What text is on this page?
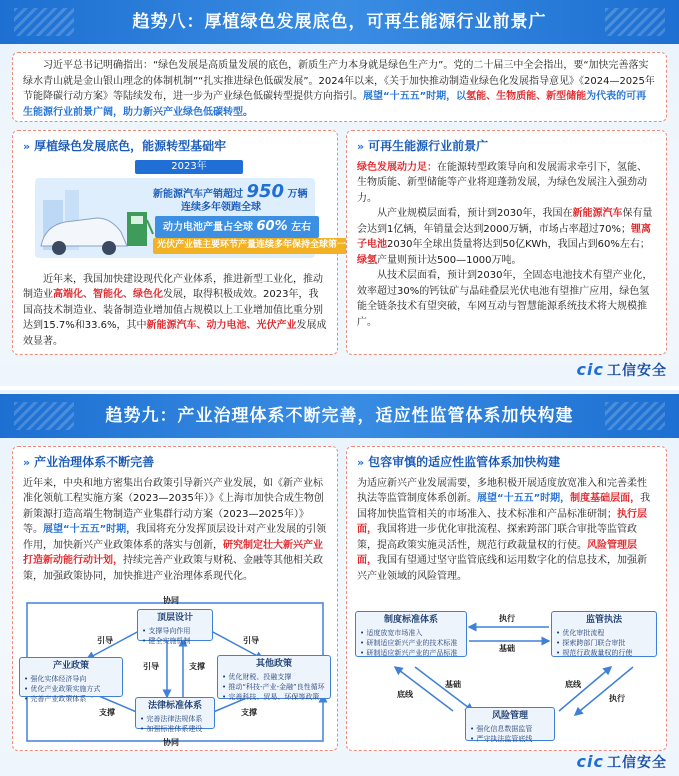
趋势八：厚植绿色发展底色，可再生能源行业前景广

习近平总书记明确指出：“绿色发展是高质量发展的底色，新质生产力本身就是绿色生产力”。党的二十届三中全会指出，要“加快完善落实绿水青山就是金山银山理念的体制机制”“扎实推进绿色低碳发展”。2024年以来，《关于加快推动制造业绿色化发展指导意见》《2024—2025年节能降碳行动方案》等陆续发布，进一步为产业绿色低碳转型提供方向指引。展望“十五五”时期，以氢能、生物质能、新型储能为代表的可再生能源行业前景广阔，助力新兴产业绿色低碳转型。

» 厚植绿色发展底色，能源转型基础牢
2023年
新能源汽车产销超过 950 万辆
连续多年领跑全球
动力电池产量占全球 60% 左右
光伏产业链主要环节产量连续多年保持全球第一

近年来，我国加快建设现代化产业体系，推进新型工业化，推动制造业高端化、智能化、绿色化发展，取得积极成效。2023年，我国高技术制造业、装备制造业增加值占规模以上工业增加值比重分别达到15.7%和33.6%，其中新能源汽车、动力电池、光伏产业发展成效显著。

» 可再生能源行业前景广

绿色发展动力足：在能源转型政策导向和发展需求牵引下，氢能、生物质能、新型储能等产业将迎蓬勃发展，为绿色发展注入强劲动力。

从产业规模层面看，预计到2030年，我国在新能源汽车保有量会达到1亿辆，年销量会达到2000万辆，市场占率超过70%；锂离子电池2030年全球出货量将达到50亿KWh，我国占到60%左右；绿氢产量则预计达500—1000万吨。

从技术层面看，预计到2030年，全固态电池技术有望产业化，效率超过30%的钙钛矿与晶硅叠层光伏电池有望推广应用，绿色氢能全链条技术有望突破，车网互动与智慧能源系统技术将大规模推广。

cic 工信安全
趋势九：产业治理体系不断完善，适应性监管体系加快构建
» 产业治理体系不断完善

近年来，中央和地方密集出台政策引导新兴产业发展，如《新产业标准化领航工程实施方案（2023—2035年）》《上海市加快合成生物创新策源打造高端生物制造产业集群行动方案（2023—2025年）》等。展望“十五五”时期，我国将充分发挥顶层设计对产业发展的引领作用，加快新兴产业政策体系的落实与创新，研究制定壮大新兴产业打造新动能行动计划，持续完善产业政策与财税、金融等其他相关政策，加强政策协同，加快推进产业治理体系现代化。

协同
协同
引导	引导
引导	支撑
支撑	支撑
顶层设计
• 支撑导向作用
• 健全实施机制
产业政策
• 强化实体经济导向
• 优化产业政策实施方式
• 完善产业政策体系
其他政策
• 优化财税、投融支撑
• 推动“科技-产业-金融”良性循环
• 完善科技、贸易、环保等政策
法律标准体系
• 完善法律法规体系
• 加强标准体系建设
» 包容审慎的适应性监管体系加快构建

为适应新兴产业发展需要，多地积极开展适度放宽准入和完善柔性执法等监管制度体系创新。展望“十五五”时期，制度基础层面，我国将加快监管相关的市场准入、技术标准和产品标准研制；执行层面，我国将进一步优化审批流程、探索跨部门联合审批等监管政策，提高政策实施灵活性，规范行政裁量权的行使。风险管理层面，我国有望通过坚守监管底线和运用数字化的信息技术，加强新兴产业领域的风险管理。

执行
基础
底线
基础	底线
执行
制度标准体系
• 适度放宽市场准入
• 研制适应新兴产业的技术标准
• 研制适应新兴产业的产品标准
监管执法
• 优化审批流程
• 探索跨部门联合审批
• 规范行政裁量权的行使
风险管理
• 强化信息数据监管
• 严守执法监管底线
cic 工信安全
